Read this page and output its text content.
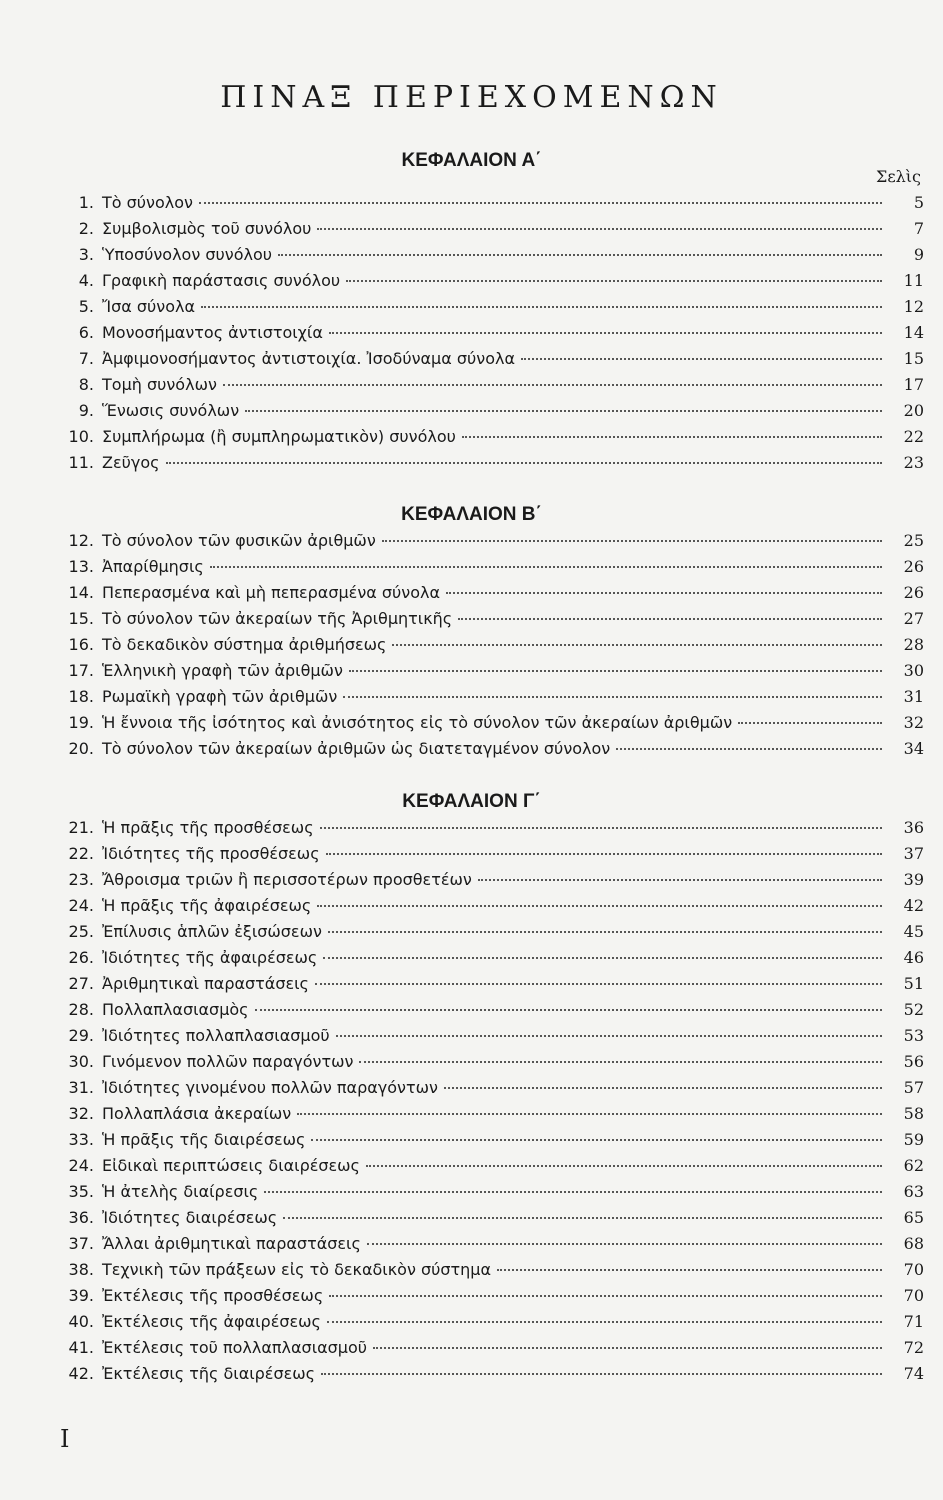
ΠΙΝΑΞ ΠΕΡΙΕΧΟΜΕΝΩΝ
ΚΕΦΑΛΑΙΟΝ Α΄
Σελὶς
1. Τὸ σύνολον	5
2. Συμβολισμὸς τοῦ συνόλου	7
3. Ὑποσύνολον συνόλου	9
4. Γραφικὴ παράστασις συνόλου	11
5. Ἴσα σύνολα	12
6. Μονοσήμαντος ἀντιστοιχία	14
7. Ἀμφιμονοσήμαντος ἀντιστοιχία. Ἰσοδύναμα σύνολα	15
8. Τομὴ συνόλων	17
9. Ἕνωσις συνόλων	20
10. Συμπλήρωμα (ἢ συμπληρωματικὸν) συνόλου	22
11. Ζεῦγος	23
ΚΕΦΑΛΑΙΟΝ Β΄
12. Τὸ σύνολον τῶν φυσικῶν ἀριθμῶν	25
13. Ἀπαρίθμησις	26
14. Πεπερασμένα καὶ μὴ πεπερασμένα σύνολα	26
15. Τὸ σύνολον τῶν ἀκεραίων τῆς Ἀριθμητικῆς	27
16. Τὸ δεκαδικὸν σύστημα ἀριθμήσεως	28
17. Ἑλληνικὴ γραφὴ τῶν ἀριθμῶν	30
18. Ρωμαϊκὴ γραφὴ τῶν ἀριθμῶν	31
19. Ἡ ἔννοια τῆς ἰσότητος καὶ ἀνισότητος εἰς τὸ σύνολον τῶν ἀκεραίων ἀριθμῶν	32
20. Τὸ σύνολον τῶν ἀκεραίων ἀριθμῶν ὡς διατεταγμένον σύνολον	34
ΚΕΦΑΛΑΙΟΝ Γ΄
21. Ἡ πρᾶξις τῆς προσθέσεως	36
22. Ἰδιότητες τῆς προσθέσεως	37
23. Ἄθροισμα τριῶν ἢ περισσοτέρων προσθετέων	39
24. Ἡ πρᾶξις τῆς ἀφαιρέσεως	42
25. Ἐπίλυσις ἁπλῶν ἐξισώσεων	45
26. Ἰδιότητες τῆς ἀφαιρέσεως	46
27. Ἀριθμητικαὶ παραστάσεις	51
28. Πολλαπλασιασμὸς	52
29. Ἰδιότητες πολλαπλασιασμοῦ	53
30. Γινόμενον πολλῶν παραγόντων	56
31. Ἰδιότητες γινομένου πολλῶν παραγόντων	57
32. Πολλαπλάσια ἀκεραίων	58
33. Ἡ πρᾶξις τῆς διαιρέσεως	59
24. Εἰδικαὶ περιπτώσεις διαιρέσεως	62
35. Ἡ ἀτελὴς διαίρεσις	63
36. Ἰδιότητες διαιρέσεως	65
37. Ἄλλαι ἀριθμητικαὶ παραστάσεις	68
38. Τεχνικὴ τῶν πράξεων εἰς τὸ δεκαδικὸν σύστημα	70
39. Ἐκτέλεσις τῆς προσθέσεως	70
40. Ἐκτέλεσις τῆς ἀφαιρέσεως	71
41. Ἐκτέλεσις τοῦ πολλαπλασιασμοῦ	72
42. Ἐκτέλεσις τῆς διαιρέσεως	74
I
